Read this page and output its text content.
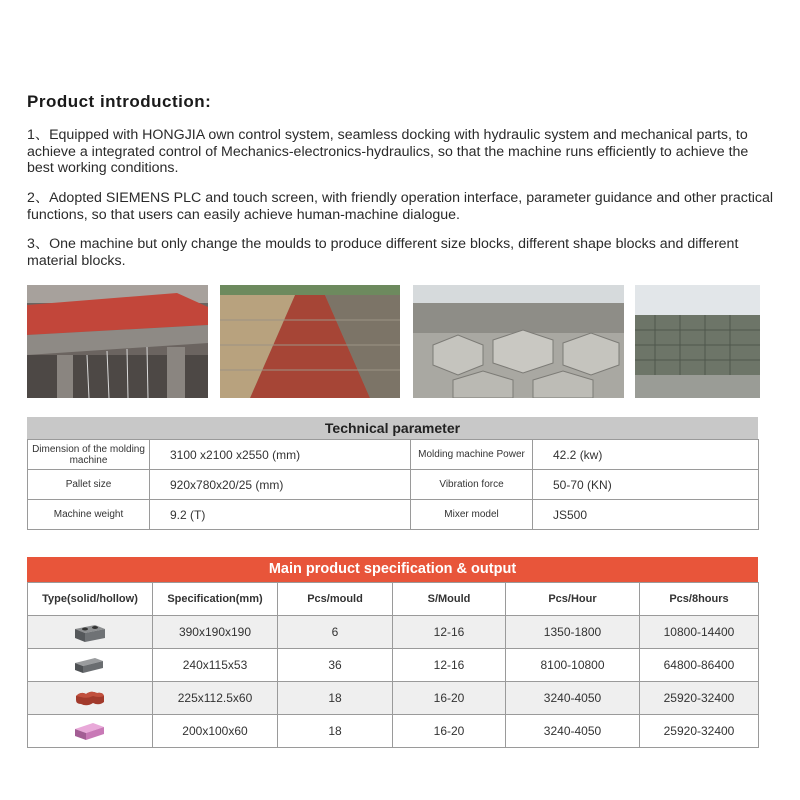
Product introduction:
1、Equipped with HONGJIA own control system, seamless docking with hydraulic system and mechanical parts, to achieve a integrated control of Mechanics-electronics-hydraulics, so that the machine runs efficiently to achieve the best working conditions.
2、Adopted SIEMENS PLC and touch screen, with friendly operation interface, parameter guidance and other practical functions, so that users can easily achieve human-machine dialogue.
3、One machine but only change the moulds to produce different size blocks, different shape blocks and different material blocks.
Technical parameter
Dimension of the molding machine	3100 x2100 x2550 (mm)	Molding machine Power	42.2 (kw)
Pallet size	920x780x20/25 (mm)	Vibration force	50-70 (KN)
Machine weight	9.2 (T)	Mixer model	JS500
Main product specification & output
Type(solid/hollow)	Specification(mm)	Pcs/mould	S/Mould	Pcs/Hour	Pcs/8hours
	390x190x190	6	12-16	1350-1800	10800-14400
	240x115x53	36	12-16	8100-10800	64800-86400
	225x112.5x60	18	16-20	3240-4050	25920-32400
	200x100x60	18	16-20	3240-4050	25920-32400
